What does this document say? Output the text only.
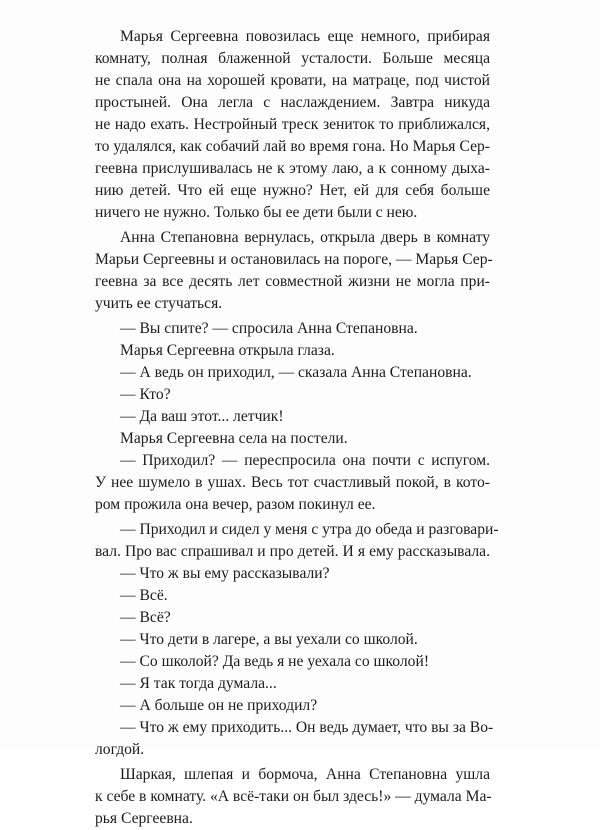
Марья Сергеевна повозилась еще немного, прибирая
комнату, полная блаженной усталости. Больше месяца
не спала она на хорошей кровати, на матраце, под чистой
простыней. Она легла с наслаждением. Завтра никуда
не надо ехать. Нестройный треск зениток то приближался,
то удалялся, как собачий лай во время гона. Но Марья Сер-
геевна прислушивалась не к этому лаю, а к сонному дыха-
нию детей. Что ей еще нужно? Нет, ей для себя больше
ничего не нужно. Только бы ее дети были с нею.
Анна Степановна вернулась, открыла дверь в комнату
Марьи Сергеевны и остановилась на пороге, — Марья Сер-
геевна за все десять лет совместной жизни не могла при-
учить ее стучаться.
— Вы спите? — спросила Анна Степановна.
Марья Сергеевна открыла глаза.
— А ведь он приходил, — сказала Анна Степановна.
— Кто?
— Да ваш этот... летчик!
Марья Сергеевна села на постели.
— Приходил? — переспросила она почти с испугом.
У нее шумело в ушах. Весь тот счастливый покой, в кото-
ром прожила она вечер, разом покинул ее.
— Приходил и сидел у меня с утра до обеда и разговари-
вал. Про вас спрашивал и про детей. И я ему рассказывала.
— Что ж вы ему рассказывали?
— Всё.
— Всё?
— Что дети в лагере, а вы уехали со школой.
— Со школой? Да ведь я не уехала со школой!
— Я так тогда думала...
— А больше он не приходил?
— Что ж ему приходить... Он ведь думает, что вы за Во-
логдой.
Шаркая, шлепая и бормоча, Анна Степановна ушла
к себе в комнату. «А всё-таки он был здесь!» — думала Ма-
рья Сергеевна.
